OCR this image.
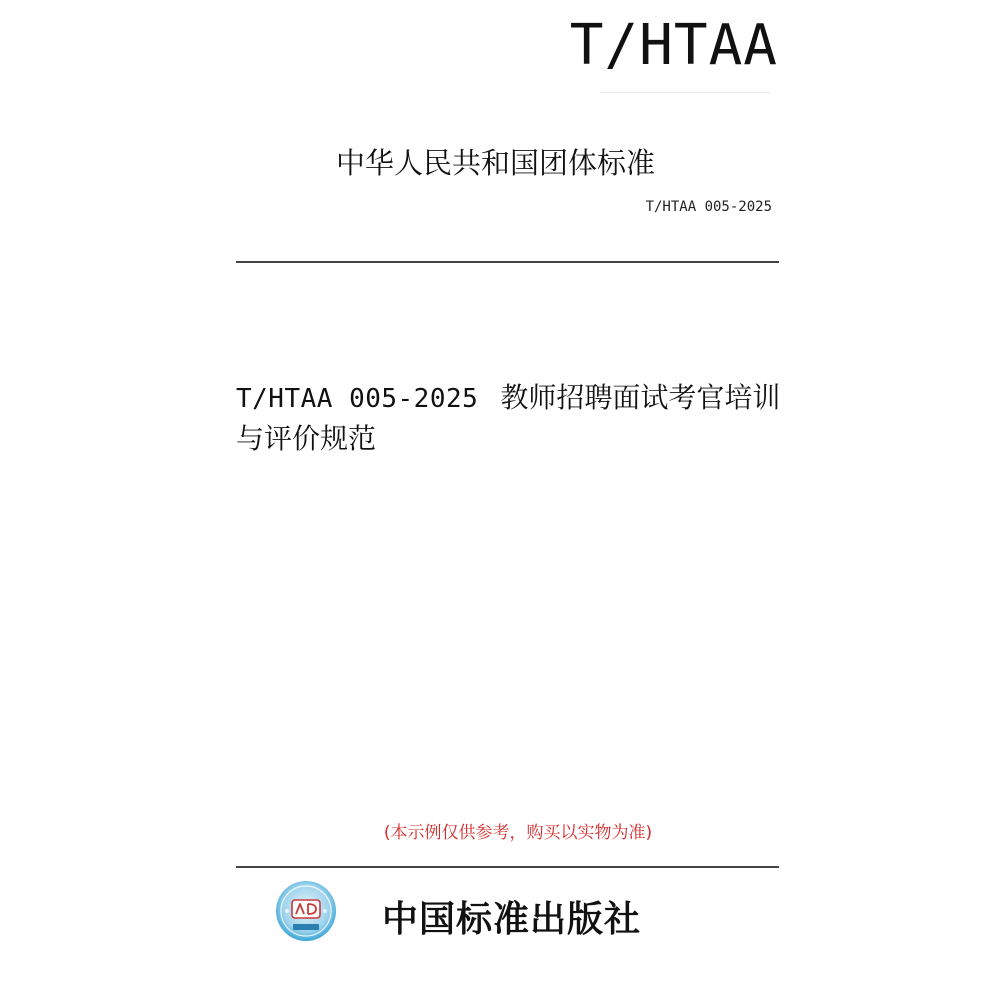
T/HTAA
中华人民共和国团体标准
T/HTAA 005-2025
T/HTAA 005-2025 教师招聘面试考官培训与评价规范
(本示例仅供参考，购买以实物为准)
中国标准出版社
